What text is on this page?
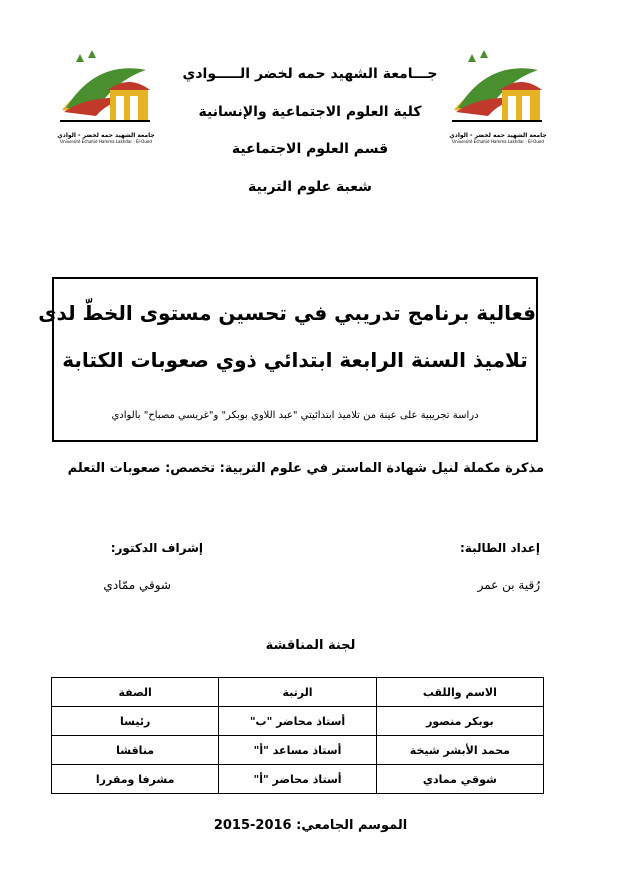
جامعة الشهيد حمه لخضر - الوادي
Université Echahid Hamma Lakhdar - El-Oued
جامعة الشهيد حمه لخضر - الوادي
Université Echahid Hamma Lakhdar - El-Oued
جـــامعة الشهيد حمه لخضر الـــــوادي
كلية العلوم الاجتماعية والإنسانية
قسم العلوم الاجتماعية
شعبة علوم التربية
فعالية برنامج تدريبي في تحسين مستوى الخطّ لدى
تلاميذ السنة الرابعة ابتدائي ذوي صعوبات الكتابة
دراسة تجريبية على عينة من تلاميذ ابتدائيتي "عبد اللاوي بوبكر" و"غريسي مصباح" بالوادي
مذكرة مكملة لنيل شهادة الماستر في علوم التربية: تخصص: صعوبات التعلم
إعداد الطالبة:
إشراف الدكتور:
رُقية بن عمر
شوقي ممّادي
لجنة المناقشة
الاسم واللقب	الرتبة	الصفة
بوبكر منصور	أستاذ محاضر "ب"	رئيسا
محمد الأبشر شيخة	أستاذ مساعد "أ"	مناقشا
شوقي ممادي	أستاذ محاضر "أ"	مشرفا ومقررا
الموسم الجامعي: 2015-2016
